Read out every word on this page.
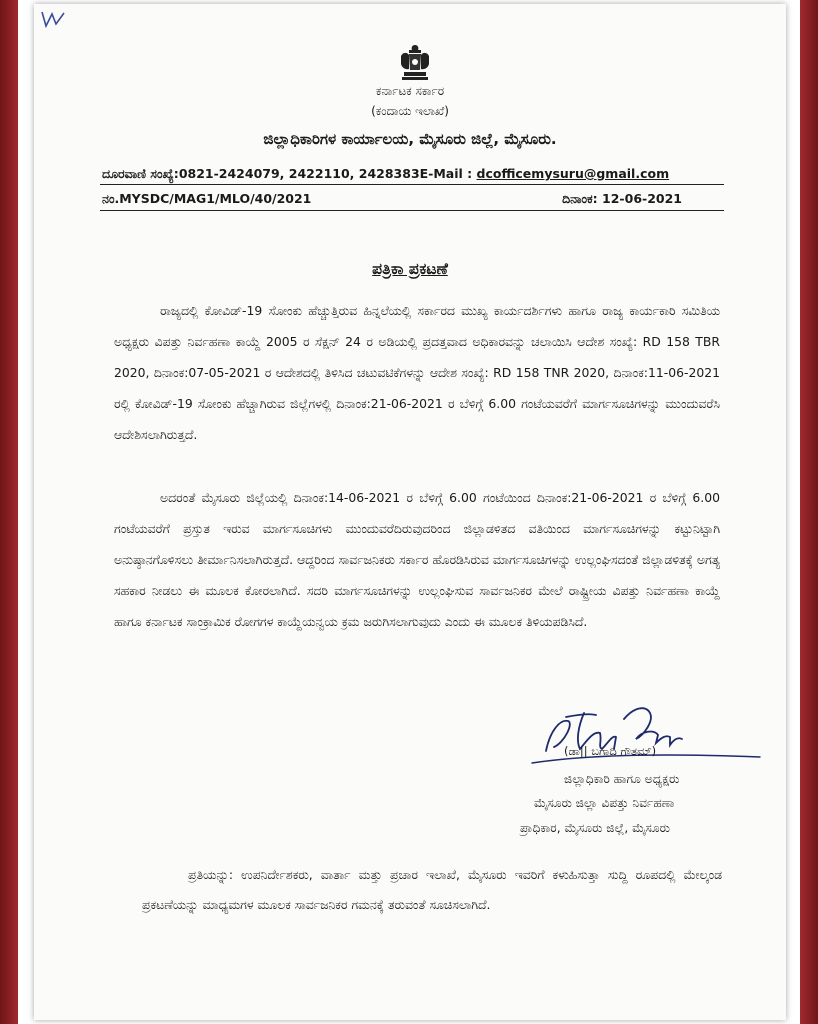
ಕರ್ನಾಟಕ ಸರ್ಕಾರ
(ಕಂದಾಯ ಇಲಾಖೆ)
ಜಿಲ್ಲಾಧಿಕಾರಿಗಳ ಕಾರ್ಯಾಲಯ, ಮೈಸೂರು ಜಿಲ್ಲೆ, ಮೈಸೂರು.
ದೂರವಾಣಿ ಸಂಖ್ಯೆ:0821-2424079, 2422110, 2428383E-Mail : dcofficemysuru@gmail.com
ನಂ.MYSDC/MAG1/MLO/40/2021	ದಿನಾಂಕ: 12-06-2021
ಪತ್ರಿಕಾ ಪ್ರಕಟಣೆ

ರಾಜ್ಯದಲ್ಲಿ ಕೋವಿಡ್-19 ಸೋಂಕು ಹೆಚ್ಚುತ್ತಿರುವ ಹಿನ್ನಲೆಯಲ್ಲಿ ಸರ್ಕಾರದ ಮುಖ್ಯ ಕಾರ್ಯದರ್ಶಿಗಳು ಹಾಗೂ ರಾಜ್ಯ ಕಾರ್ಯಕಾರಿ ಸಮಿತಿಯ ಅಧ್ಯಕ್ಷರು ವಿಪತ್ತು ನಿರ್ವಹಣಾ ಕಾಯ್ದೆ 2005 ರ ಸೆಕ್ಷನ್ 24 ರ ಅಡಿಯಲ್ಲಿ ಪ್ರದತ್ತವಾದ ಅಧಿಕಾರವನ್ನು ಚಲಾಯಿಸಿ ಆದೇಶ ಸಂಖ್ಯೆ: RD 158 TBR 2020, ದಿನಾಂಕ:07-05-2021 ರ ಆದೇಶದಲ್ಲಿ ತಿಳಿಸಿದ ಚಟುವಟಿಕೆಗಳನ್ನು ಆದೇಶ ಸಂಖ್ಯೆ: RD 158 TNR 2020, ದಿನಾಂಕ:11-06-2021 ರಲ್ಲಿ ಕೋವಿಡ್-19 ಸೋಂಕು ಹೆಚ್ಚಾಗಿರುವ ಜಿಲ್ಲೆಗಳಲ್ಲಿ ದಿನಾಂಕ:21-06-2021 ರ ಬೆಳಿಗ್ಗೆ 6.00 ಗಂಟೆಯವರೆಗೆ ಮಾರ್ಗಸೂಚಿಗಳನ್ನು ಮುಂದುವರೆಸಿ ಆದೇಶಿಸಲಾಗಿರುತ್ತದೆ.

ಅದರಂತೆ ಮೈಸೂರು ಜಿಲ್ಲೆಯಲ್ಲಿ ದಿನಾಂಕ:14-06-2021 ರ ಬೆಳಿಗ್ಗೆ 6.00 ಗಂಟೆಯಿಂದ ದಿನಾಂಕ:21-06-2021 ರ ಬೆಳಿಗ್ಗೆ 6.00 ಗಂಟೆಯವರೆಗೆ ಪ್ರಸ್ತುತ ಇರುವ ಮಾರ್ಗಸೂಚಿಗಳು ಮುಂದುವರೆದಿರುವುದರಿಂದ ಜಿಲ್ಲಾಡಳಿತದ ವತಿಯಿಂದ ಮಾರ್ಗಸೂಚಿಗಳನ್ನು ಕಟ್ಟುನಿಟ್ಟಾಗಿ ಅನುಷ್ಠಾನಗೊಳಿಸಲು ತೀರ್ಮಾನಿಸಲಾಗಿರುತ್ತದೆ. ಆದ್ದರಿಂದ ಸಾರ್ವಜನಿಕರು ಸರ್ಕಾರ ಹೊರಡಿಸಿರುವ ಮಾರ್ಗಸೂಚಿಗಳನ್ನು ಉಲ್ಲಂಘಿಸದಂತೆ ಜಿಲ್ಲಾಡಳಿತಕ್ಕೆ ಅಗತ್ಯ ಸಹಕಾರ ನೀಡಲು ಈ ಮೂಲಕ ಕೋರಲಾಗಿದೆ. ಸದರಿ ಮಾರ್ಗಸೂಚಿಗಳನ್ನು ಉಲ್ಲಂಘಿಸುವ ಸಾರ್ವಜನಿಕರ ಮೇಲೆ ರಾಷ್ಟ್ರೀಯ ವಿಪತ್ತು ನಿರ್ವಹಣಾ ಕಾಯ್ದೆ ಹಾಗೂ ಕರ್ನಾಟಕ ಸಾಂಕ್ರಾಮಿಕ ರೋಗಗಳ ಕಾಯ್ದೆಯನ್ವಯ ಕ್ರಮ ಜರುಗಿಸಲಾಗುವುದು ಎಂದು ಈ ಮೂಲಕ ತಿಳಿಯಪಡಿಸಿದೆ.

(ಡಾ|| ಬಗಾದಿ ಗೌತಮ್)
ಜಿಲ್ಲಾಧಿಕಾರಿ ಹಾಗೂ ಅಧ್ಯಕ್ಷರು
ಮೈಸೂರು ಜಿಲ್ಲಾ ವಿಪತ್ತು ನಿರ್ವಹಣಾ
ಪ್ರಾಧಿಕಾರ, ಮೈಸೂರು ಜಿಲ್ಲೆ, ಮೈಸೂರು

ಪ್ರತಿಯನ್ನು: ಉಪನಿರ್ದೇಶಕರು, ವಾರ್ತಾ ಮತ್ತು ಪ್ರಚಾರ ಇಲಾಖೆ, ಮೈಸೂರು ಇವರಿಗೆ ಕಳುಹಿಸುತ್ತಾ ಸುದ್ದಿ ರೂಪದಲ್ಲಿ ಮೇಲ್ಕಂಡ ಪ್ರಕಟಣೆಯನ್ನು ಮಾಧ್ಯಮಗಳ ಮೂಲಕ ಸಾರ್ವಜನಿಕರ ಗಮನಕ್ಕೆ ತರುವಂತೆ ಸೂಚಿಸಲಾಗಿದೆ.
